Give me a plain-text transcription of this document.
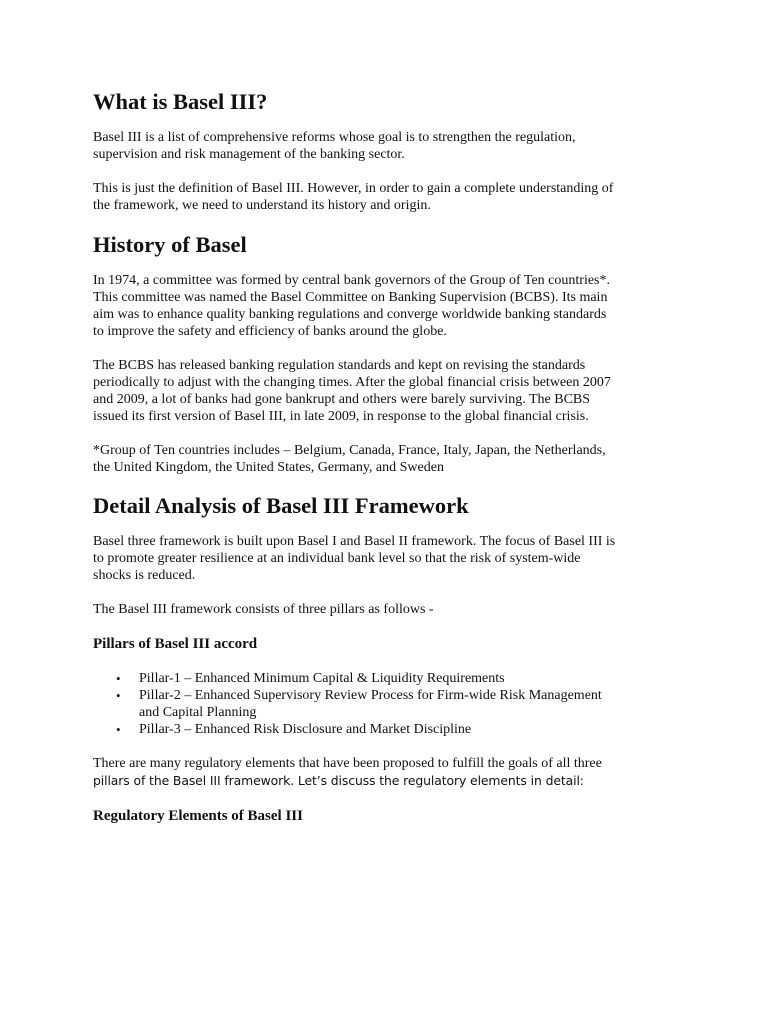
What is Basel III?
Basel III is a list of comprehensive reforms whose goal is to strengthen the regulation,
supervision and risk management of the banking sector.
This is just the definition of Basel III. However, in order to gain a complete understanding of
the framework, we need to understand its history and origin.
History of Basel
In 1974, a committee was formed by central bank governors of the Group of Ten countries*.
This committee was named the Basel Committee on Banking Supervision (BCBS). Its main
aim was to enhance quality banking regulations and converge worldwide banking standards
to improve the safety and efficiency of banks around the globe.
The BCBS has released banking regulation standards and kept on revising the standards
periodically to adjust with the changing times. After the global financial crisis between 2007
and 2009, a lot of banks had gone bankrupt and others were barely surviving. The BCBS
issued its first version of Basel III, in late 2009, in response to the global financial crisis.
*Group of Ten countries includes – Belgium, Canada, France, Italy, Japan, the Netherlands,
the United Kingdom, the United States, Germany, and Sweden
Detail Analysis of Basel III Framework
Basel three framework is built upon Basel I and Basel II framework. The focus of Basel III is
to promote greater resilience at an individual bank level so that the risk of system-wide
shocks is reduced.
The Basel III framework consists of three pillars as follows -
Pillars of Basel III accord
• Pillar-1 – Enhanced Minimum Capital & Liquidity Requirements
• Pillar-2 – Enhanced Supervisory Review Process for Firm-wide Risk Management
and Capital Planning
• Pillar-3 – Enhanced Risk Disclosure and Market Discipline
There are many regulatory elements that have been proposed to fulfill the goals of all three
pillars of the Basel III framework. Let’s discuss the regulatory elements in detail:
Regulatory Elements of Basel III
